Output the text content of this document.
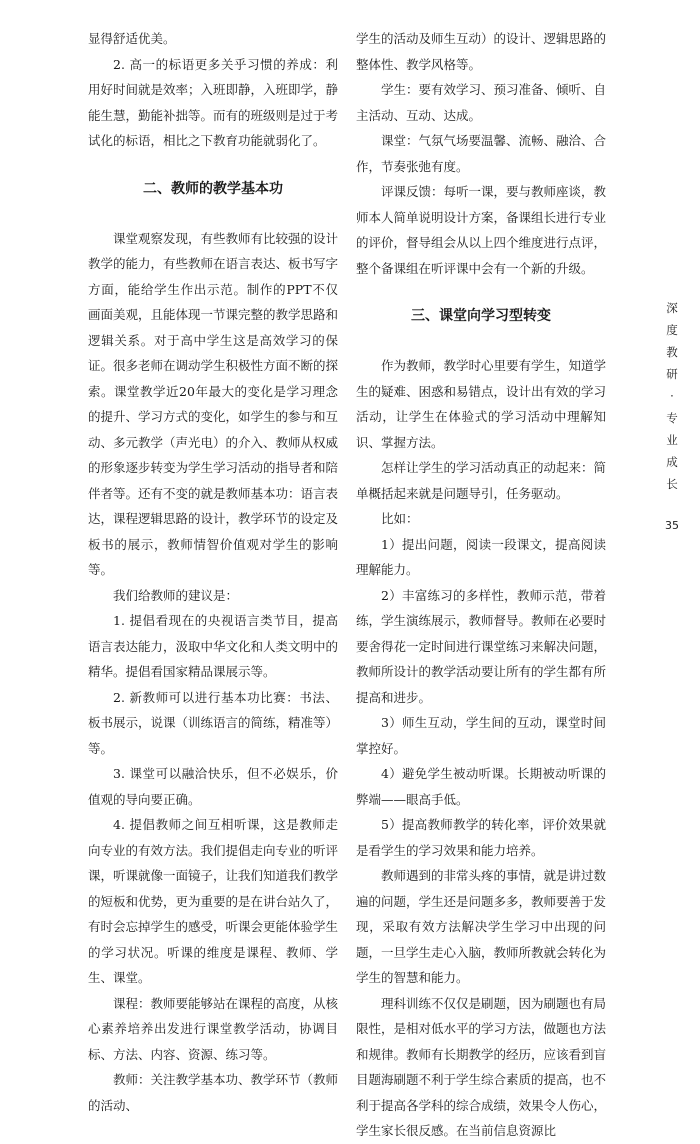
显得舒适优美。

2. 高一的标语更多关乎习惯的养成：利用好时间就是效率；入班即静，入班即学，静能生慧，勤能补拙等。而有的班级则是过于考试化的标语，相比之下教育功能就弱化了。

二、教师的教学基本功

课堂观察发现，有些教师有比较强的设计教学的能力，有些教师在语言表达、板书写字方面，能给学生作出示范。制作的PPT不仅画面美观，且能体现一节课完整的教学思路和逻辑关系。对于高中学生这是高效学习的保证。很多老师在调动学生积极性方面不断的探索。课堂教学近20年最大的变化是学习理念的提升、学习方式的变化，如学生的参与和互动、多元教学（声光电）的介入、教师从权威的形象逐步转变为学生学习活动的指导者和陪伴者等。还有不变的就是教师基本功：语言表达，课程逻辑思路的设计，教学环节的设定及板书的展示，教师情智价值观对学生的影响等。

我们给教师的建议是：

1. 提倡看现在的央视语言类节目，提高语言表达能力，汲取中华文化和人类文明中的精华。提倡看国家精品课展示等。

2. 新教师可以进行基本功比赛：书法、板书展示，说课（训练语言的简练，精准等）等。

3. 课堂可以融洽快乐，但不必娱乐，价值观的导向要正确。

4. 提倡教师之间互相听课，这是教师走向专业的有效方法。我们提倡走向专业的听评课，听课就像一面镜子，让我们知道我们教学的短板和优势，更为重要的是在讲台站久了，有时会忘掉学生的感受，听课会更能体验学生的学习状况。听课的维度是课程、教师、学生、课堂。

课程：教师要能够站在课程的高度，从核心素养培养出发进行课堂教学活动，协调目标、方法、内容、资源、练习等。

教师：关注教学基本功、教学环节（教师的活动、

学生的活动及师生互动）的设计、逻辑思路的整体性、教学风格等。

学生：要有效学习、预习准备、倾听、自主活动、互动、达成。

课堂：气氛气场要温馨、流畅、融洽、合作，节奏张弛有度。

评课反馈：每听一课，要与教师座谈，教师本人简单说明设计方案，备课组长进行专业的评价，督导组会从以上四个维度进行点评，整个备课组在听评课中会有一个新的升级。

三、课堂向学习型转变

作为教师，教学时心里要有学生，知道学生的疑难、困惑和易错点，设计出有效的学习活动，让学生在体验式的学习活动中理解知识、掌握方法。

怎样让学生的学习活动真正的动起来：简单概括起来就是问题导引，任务驱动。

比如：

1）提出问题，阅读一段课文，提高阅读理解能力。

2）丰富练习的多样性，教师示范，带着练，学生演练展示，教师督导。教师在必要时要舍得花一定时间进行课堂练习来解决问题，教师所设计的教学活动要让所有的学生都有所提高和进步。

3）师生互动，学生间的互动，课堂时间掌控好。

4）避免学生被动听课。长期被动听课的弊端——眼高手低。

5）提高教师教学的转化率，评价效果就是看学生的学习效果和能力培养。

教师遇到的非常头疼的事情，就是讲过数遍的问题，学生还是问题多多，教师要善于发现，采取有效方法解决学生学习中出现的问题，一旦学生走心入脑，教师所教就会转化为学生的智慧和能力。

理科训练不仅仅是刷题，因为刷题也有局限性，是相对低水平的学习方法，做题也方法和规律。教师有长期教学的经历，应该看到盲目题海刷题不利于学生综合素质的提高，也不利于提高各学科的综合成绩，效果令人伤心，学生家长很反感。在当前信息资源比

深
度
教
研
·
专
业
成
长
35
